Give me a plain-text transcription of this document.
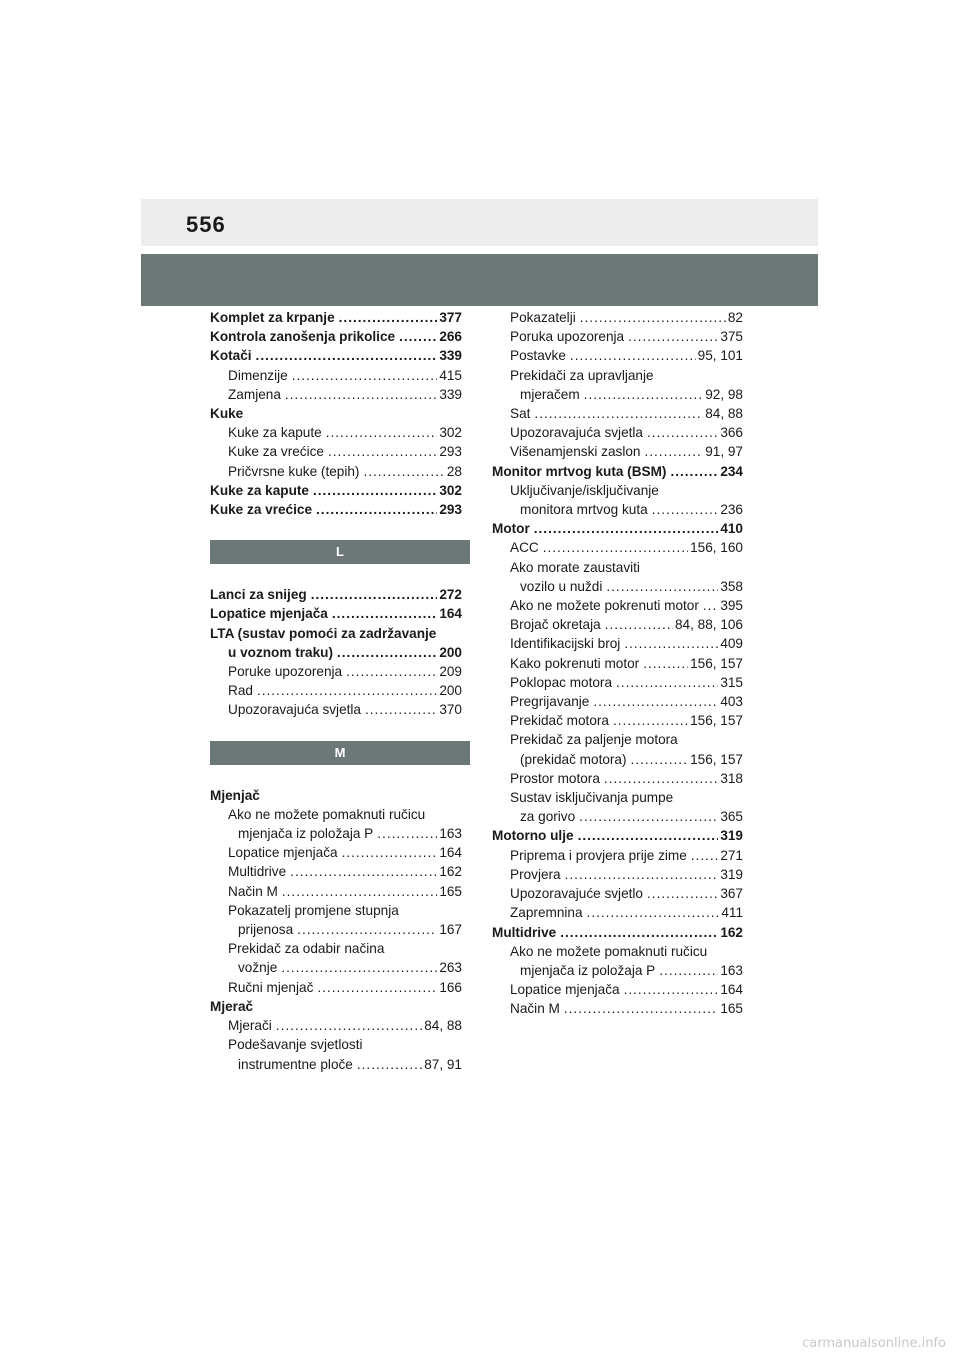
556
Komplet za krpanje .....	377
Kontrola zanošenja prikolice .....	266
Kotači .....	339
Dimenzije .....	415
Zamjena .....	339
Kuke
Kuke za kapute .....	302
Kuke za vrećice .....	293
Pričvrsne kuke (tepih) .....	28
Kuke za kapute .....	302
Kuke za vrećice .....	293
L
Lanci za snijeg .....	272
Lopatice mjenjača .....	164
LTA (sustav pomoći za zadržavanje
u voznom traku) .....	200
Poruke upozorenja .....	209
Rad .....	200
Upozoravajuća svjetla .....	370
M
Mjenjač
Ako ne možete pomaknuti ručicu
mjenjača iz položaja P .....	163
Lopatice mjenjača .....	164
Multidrive .....	162
Način M .....	165
Pokazatelj promjene stupnja
prijenosa .....	167
Prekidač za odabir načina
vožnje .....	263
Ručni mjenjač .....	166
Mjerač
Mjerači .....	84, 88
Podešavanje svjetlosti
instrumentne ploče .....	87, 91
Pokazatelji .....	82
Poruka upozorenja .....	375
Postavke .....	95, 101
Prekidači za upravljanje
mjeračem .....	92, 98
Sat .....	84, 88
Upozoravajuća svjetla .....	366
Višenamjenski zaslon .....	91, 97
Monitor mrtvog kuta (BSM) .....	234
Uključivanje/isključivanje
monitora mrtvog kuta .....	236
Motor .....	410
ACC .....	156, 160
Ako morate zaustaviti
vozilo u nuždi .....	358
Ako ne možete pokrenuti motor ..... 395
Brojač okretaja .....	84, 88, 106
Identifikacijski broj .....	409
Kako pokrenuti motor .....	156, 157
Poklopac motora .....	315
Pregrijavanje .....	403
Prekidač motora .....	156, 157
Prekidač za paljenje motora
(prekidač motora) .....	156, 157
Prostor motora .....	318
Sustav isključivanja pumpe
za gorivo .....	365
Motorno ulje .....	319
Priprema i provjera prije zime ..... 271
Provjera .....	319
Upozoravajuće svjetlo .....	367
Zapremnina .....	411
Multidrive .....	162
Ako ne možete pomaknuti ručicu
mjenjača iz položaja P .....	163
Lopatice mjenjača .....	164
Način M .....	165
carmanualsonline.info
